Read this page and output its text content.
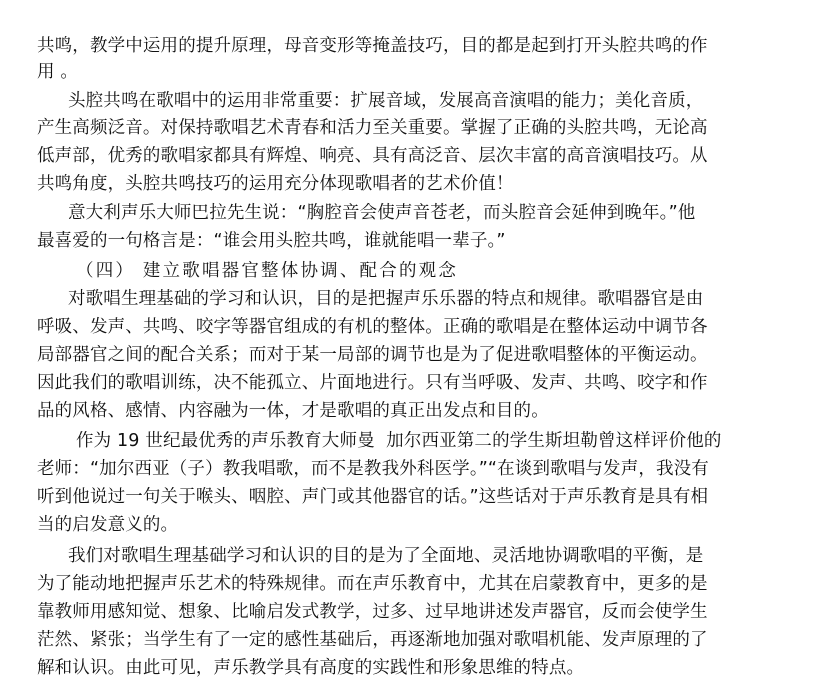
共鸣，教学中运用的提升原理，母音变形等掩盖技巧，目的都是起到打开头腔共鸣的作
用 。
头腔共鸣在歌唱中的运用非常重要：扩展音域，发展高音演唱的能力；美化音质，
产生高频泛音。对保持歌唱艺术青春和活力至关重要。掌握了正确的头腔共鸣，无论高
低声部，优秀的歌唱家都具有辉煌、响亮、具有高泛音、层次丰富的高音演唱技巧。从
共鸣角度，头腔共鸣技巧的运用充分体现歌唱者的艺术价值！
意大利声乐大师巴拉先生说：“胸腔音会使声音苍老，而头腔音会延伸到晚年。”他
最喜爱的一句格言是：“谁会用头腔共鸣，谁就能唱一辈子。”
（四） 建立歌唱器官整体协调、配合的观念
对歌唱生理基础的学习和认识，目的是把握声乐乐器的特点和规律。歌唱器官是由
呼吸、发声、共鸣、咬字等器官组成的有机的整体。正确的歌唱是在整体运动中调节各
局部器官之间的配合关系；而对于某一局部的调节也是为了促进歌唱整体的平衡运动。
因此我们的歌唱训练，决不能孤立、片面地进行。只有当呼吸、发声、共鸣、咬字和作
品的风格、感情、内容融为一体，才是歌唱的真正出发点和目的。
作为 19 世纪最优秀的声乐教育大师曼  加尔西亚第二的学生斯坦勒曾这样评价他的
老师：“加尔西亚（子）教我唱歌，而不是教我外科医学。”“在谈到歌唱与发声，我没有
听到他说过一句关于喉头、咽腔、声门或其他器官的话。”这些话对于声乐教育是具有相
当的启发意义的。
我们对歌唱生理基础学习和认识的目的是为了全面地、灵活地协调歌唱的平衡，是
为了能动地把握声乐艺术的特殊规律。而在声乐教育中，尤其在启蒙教育中，更多的是
靠教师用感知觉、想象、比喻启发式教学，过多、过早地讲述发声器官，反而会使学生
茫然、紧张；当学生有了一定的感性基础后，再逐渐地加强对歌唱机能、发声原理的了
解和认识。由此可见，声乐教学具有高度的实践性和形象思维的特点。
